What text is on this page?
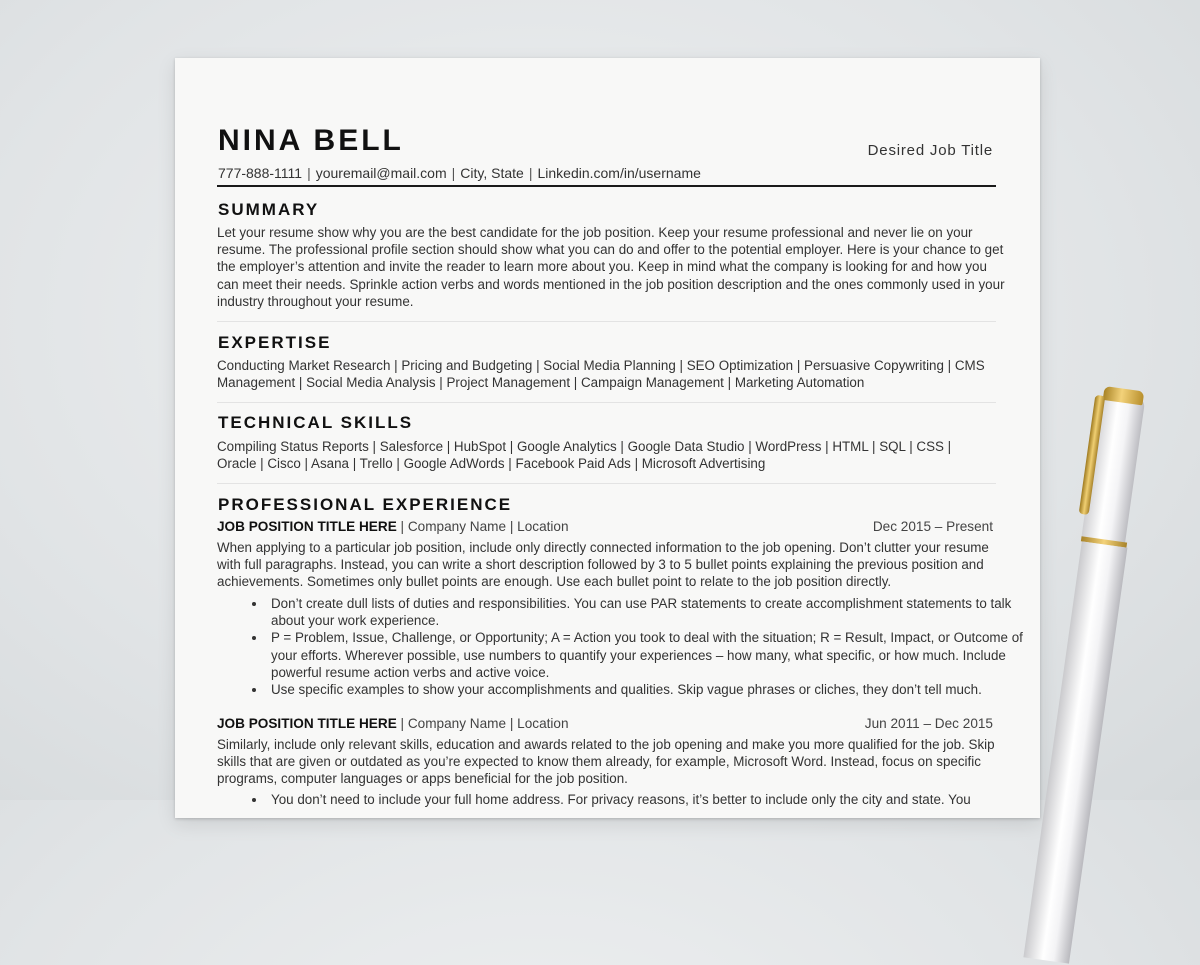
NINA BELL	Desired Job Title
777-888-1111 | youremail@mail.com | City, State | Linkedin.com/in/username
SUMMARY

Let your resume show why you are the best candidate for the job position. Keep your resume professional and never lie on your resume. The professional profile section should show what you can do and offer to the potential employer. Here is your chance to get the employer’s attention and invite the reader to learn more about you. Keep in mind what the company is looking for and how you can meet their needs. Sprinkle action verbs and words mentioned in the job position description and the ones commonly used in your industry throughout your resume.

EXPERTISE

Conducting Market Research | Pricing and Budgeting | Social Media Planning | SEO Optimization | Persuasive Copywriting | CMS Management | Social Media Analysis | Project Management | Campaign Management | Marketing Automation

TECHNICAL SKILLS

Compiling Status Reports | Salesforce | HubSpot | Google Analytics | Google Data Studio | WordPress | HTML | SQL | CSS | Oracle | Cisco | Asana | Trello | Google AdWords | Facebook Paid Ads | Microsoft Advertising

PROFESSIONAL EXPERIENCE
JOB POSITION TITLE HERE | Company Name | Location	Dec 2015 – Present

When applying to a particular job position, include only directly connected information to the job opening. Don’t clutter your resume with full paragraphs. Instead, you can write a short description followed by 3 to 5 bullet points explaining the previous position and achievements. Sometimes only bullet points are enough. Use each bullet point to relate to the job position directly.

• Don’t create dull lists of duties and responsibilities. You can use PAR statements to create accomplishment statements to talk about your work experience.
• P = Problem, Issue, Challenge, or Opportunity; A = Action you took to deal with the situation; R = Result, Impact, or Outcome of your efforts. Wherever possible, use numbers to quantify your experiences – how many, what specific, or how much. Include powerful resume action verbs and active voice.
• Use specific examples to show your accomplishments and qualities. Skip vague phrases or cliches, they don’t tell much.
JOB POSITION TITLE HERE | Company Name | Location	Jun 2011 – Dec 2015

Similarly, include only relevant skills, education and awards related to the job opening and make you more qualified for the job. Skip skills that are given or outdated as you’re expected to know them already, for example, Microsoft Word. Instead, focus on specific programs, computer languages or apps beneficial for the job position.

• You don’t need to include your full home address. For privacy reasons, it’s better to include only the city and state. You
